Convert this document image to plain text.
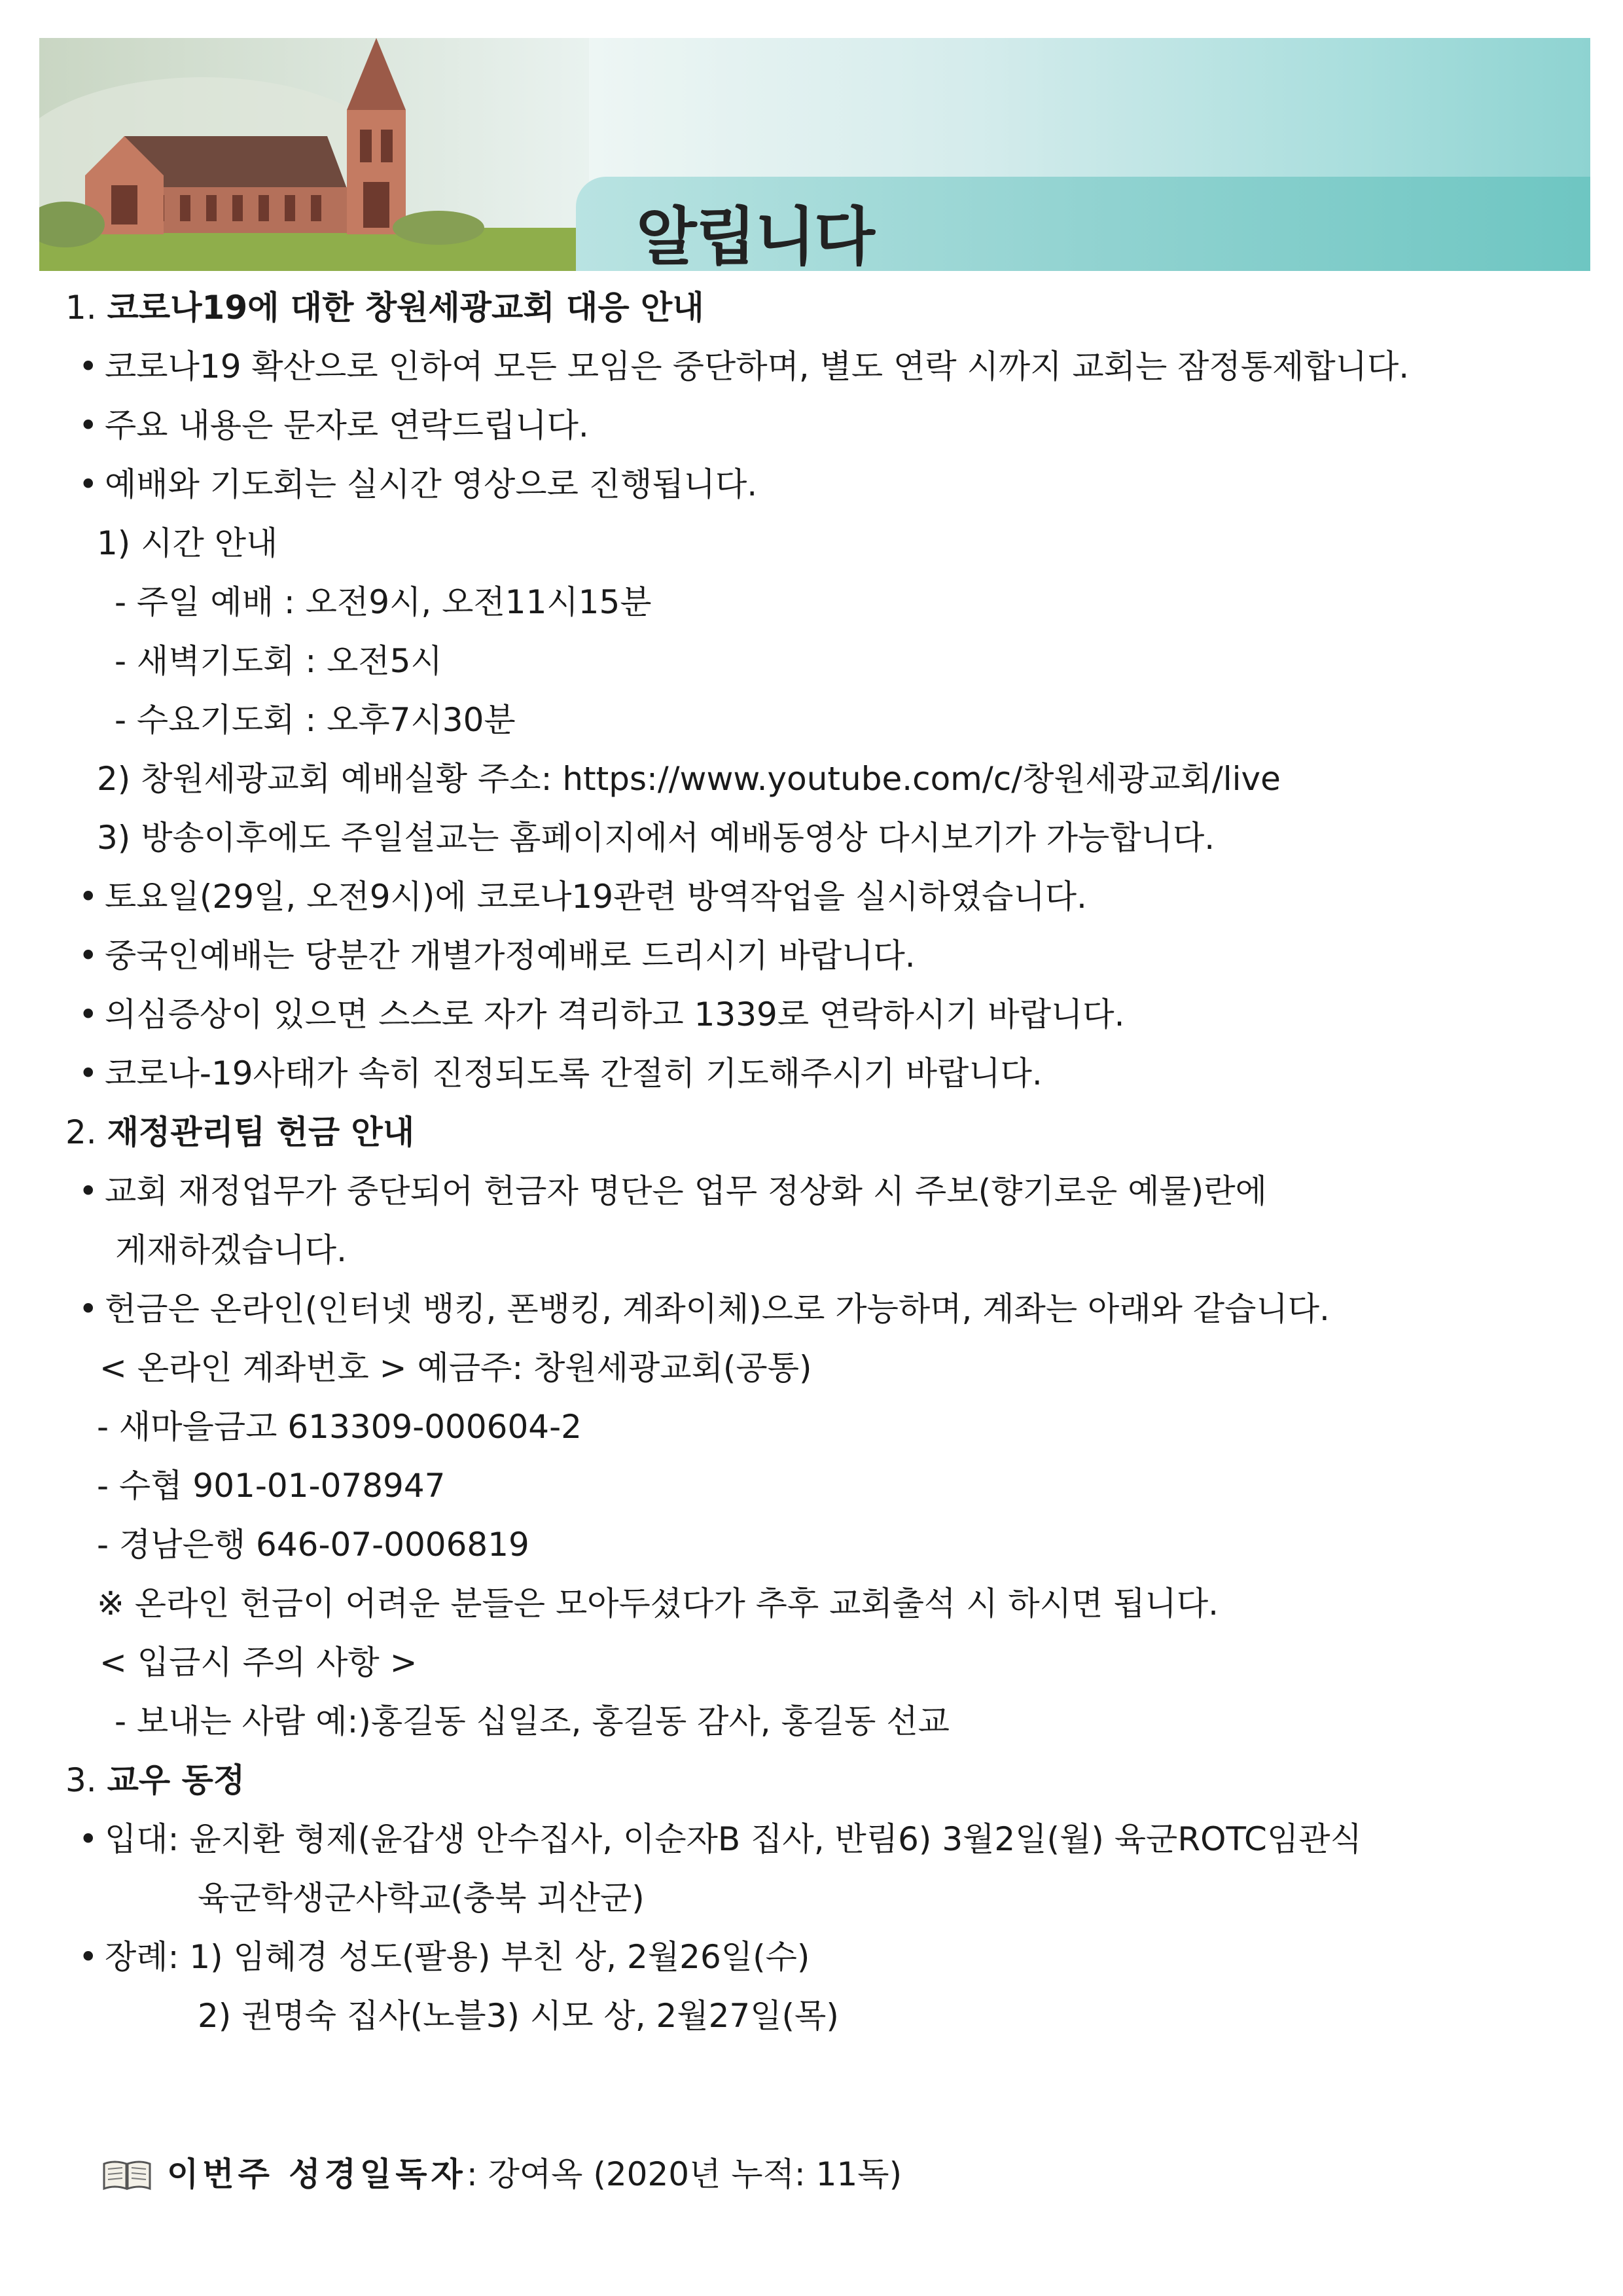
알립니다
1. 코로나19에 대한 창원세광교회 대응 안내
• 코로나19 확산으로 인하여 모든 모임은 중단하며, 별도 연락 시까지 교회는 잠정통제합니다.
• 주요 내용은 문자로 연락드립니다.
• 예배와 기도회는 실시간 영상으로 진행됩니다.
1) 시간 안내
- 주일 예배 : 오전9시, 오전11시15분
- 새벽기도회 : 오전5시
- 수요기도회 : 오후7시30분
2) 창원세광교회 예배실황 주소: https://www.youtube.com/c/창원세광교회/live
3) 방송이후에도 주일설교는 홈페이지에서 예배동영상 다시보기가 가능합니다.
• 토요일(29일, 오전9시)에 코로나19관련 방역작업을 실시하였습니다.
• 중국인예배는 당분간 개별가정예배로 드리시기 바랍니다.
• 의심증상이 있으면 스스로 자가 격리하고 1339로 연락하시기 바랍니다.
• 코로나-19사태가 속히 진정되도록 간절히 기도해주시기 바랍니다.
2. 재정관리팀 헌금 안내
• 교회 재정업무가 중단되어 헌금자 명단은 업무 정상화 시 주보(향기로운 예물)란에
게재하겠습니다.
• 헌금은 온라인(인터넷 뱅킹, 폰뱅킹, 계좌이체)으로 가능하며, 계좌는 아래와 같습니다.
< 온라인 계좌번호 > 예금주: 창원세광교회(공통)
- 새마을금고 613309-000604-2
- 수협 901-01-078947
- 경남은행 646-07-0006819
※ 온라인 헌금이 어려운 분들은 모아두셨다가 추후 교회출석 시 하시면 됩니다.
< 입금시 주의 사항 >
- 보내는 사람 예:)홍길동 십일조, 홍길동 감사, 홍길동 선교
3. 교우 동정
• 입대: 윤지환 형제(윤갑생 안수집사, 이순자B 집사, 반림6) 3월2일(월) 육군ROTC임관식
육군학생군사학교(충북 괴산군)
• 장례: 1) 임혜경 성도(팔용) 부친 상, 2월26일(수)
2) 권명숙 집사(노블3) 시모 상, 2월27일(목)
이번주 성경일독자: 강여옥 (2020년 누적: 11독)
